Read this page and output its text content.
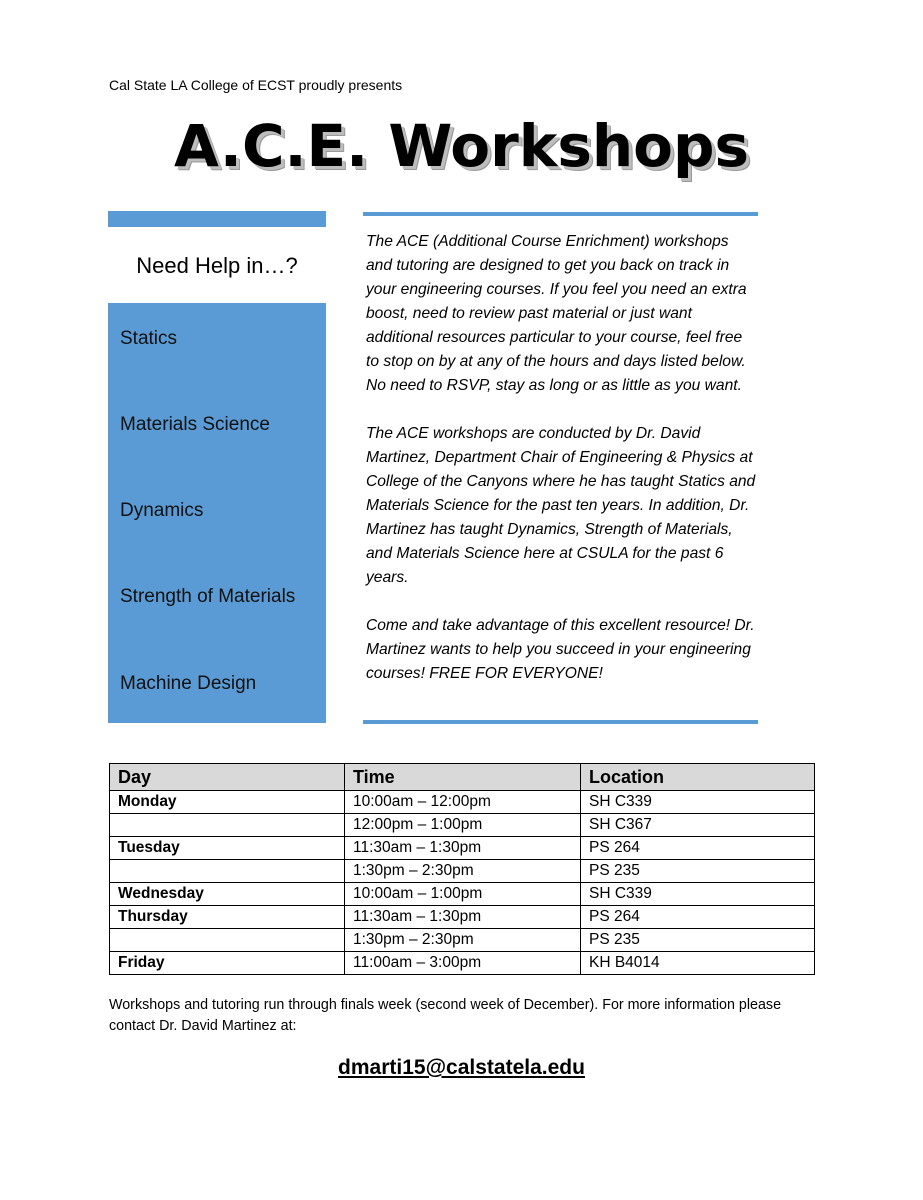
Cal State LA College of ECST proudly presents
A.C.E. Workshops
Need Help in…?
Statics
Materials Science
Dynamics
Strength of Materials
Machine Design

The ACE (Additional Course Enrichment) workshops and tutoring are designed to get you back on track in your engineering courses. If you feel you need an extra boost, need to review past material or just want additional resources particular to your course, feel free to stop on by at any of the hours and days listed below. No need to RSVP, stay as long or as little as you want.

The ACE workshops are conducted by Dr. David Martinez, Department Chair of Engineering & Physics at College of the Canyons where he has taught Statics and Materials Science for the past ten years. In addition, Dr. Martinez has taught Dynamics, Strength of Materials, and Materials Science here at CSULA for the past 6 years.

Come and take advantage of this excellent resource! Dr. Martinez wants to help you succeed in your engineering courses! FREE FOR EVERYONE!

Day	Time	Location
Monday	10:00am – 12:00pm	SH C339
	12:00pm – 1:00pm	SH C367
Tuesday	11:30am – 1:30pm	PS 264
	1:30pm – 2:30pm	PS 235
Wednesday	10:00am – 1:00pm	SH C339
Thursday	11:30am – 1:30pm	PS 264
	1:30pm – 2:30pm	PS 235
Friday	11:00am – 3:00pm	KH B4014
Workshops and tutoring run through finals week (second week of December). For more information please contact Dr. David Martinez at:
dmarti15@calstatela.edu
